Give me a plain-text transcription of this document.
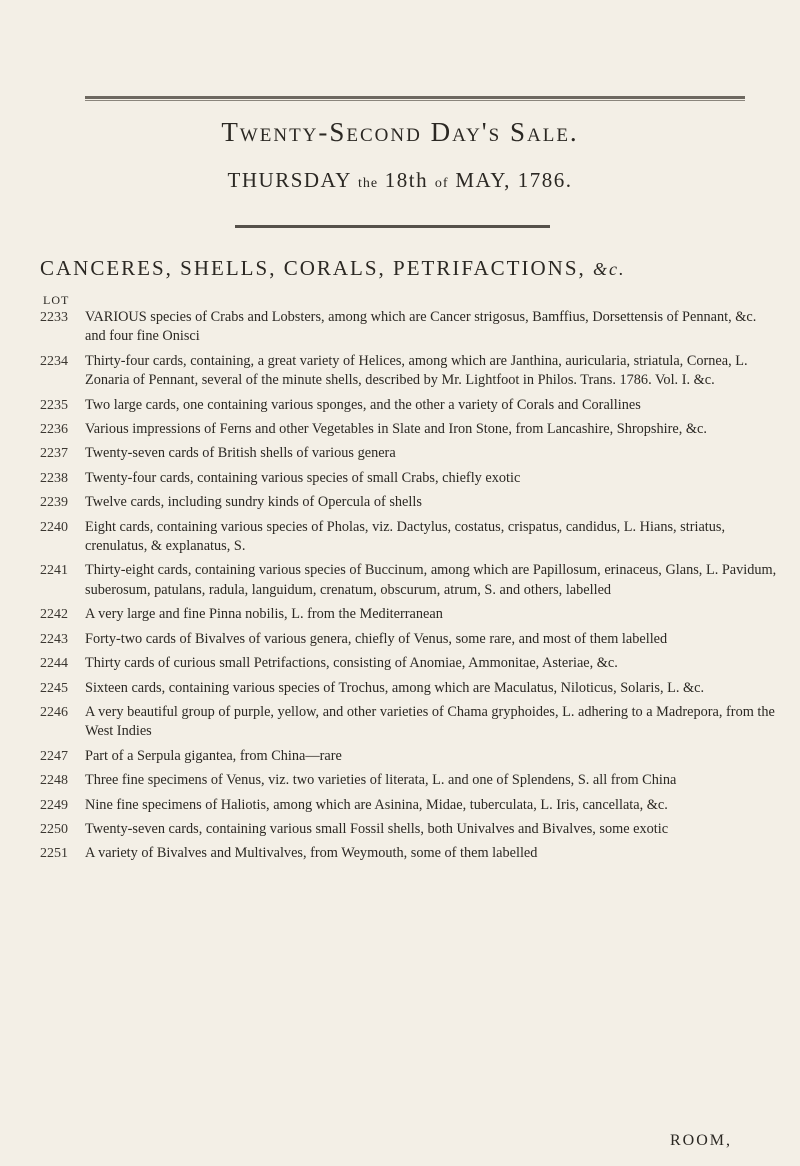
Twenty-Second Day's Sale.
THURSDAY the 18th of MAY, 1786.
CANCERES, SHELLS, CORALS, PETRIFACTIONS, &c.
LOT
2233 VARIOUS species of Crabs and Lobsters, among which are Cancer strigosus, Bamffius, Dorsettensis of Pennant, &c. and four fine Onisci
2234 Thirty-four cards, containing, a great variety of Helices, among which are Janthina, auricularia, striatula, Cornea, L. Zonaria of Pennant, several of the minute shells, described by Mr. Lightfoot in Philos. Trans. 1786. Vol. I. &c.
2235 Two large cards, one containing various sponges, and the other a variety of Corals and Corallines
2236 Various impressions of Ferns and other Vegetables in Slate and Iron Stone, from Lancashire, Shropshire, &c.
2237 Twenty-seven cards of British shells of various genera
2238 Twenty-four cards, containing various species of small Crabs, chiefly exotic
2239 Twelve cards, including sundry kinds of Opercula of shells
2240 Eight cards, containing various species of Pholas, viz. Dactylus, costatus, crispatus, candidus, L. Hians, striatus, crenulatus, & explanatus, S.
2241 Thirty-eight cards, containing various species of Buccinum, among which are Papillosum, erinaceus, Glans, L. Pavidum, suberosum, patulans, radula, languidum, crenatum, obscurum, atrum, S. and others, labelled
2242 A very large and fine Pinna nobilis, L. from the Mediterranean
2243 Forty-two cards of Bivalves of various genera, chiefly of Venus, some rare, and most of them labelled
2244 Thirty cards of curious small Petrifactions, consisting of Anomiae, Ammonitae, Asteriae, &c.
2245 Sixteen cards, containing various species of Trochus, among which are Maculatus, Niloticus, Solaris, L. &c.
2246 A very beautiful group of purple, yellow, and other varieties of Chama gryphoides, L. adhering to a Madrepora, from the West Indies
2247 Part of a Serpula gigantea, from China—rare
2248 Three fine specimens of Venus, viz. two varieties of literata, L. and one of Splendens, S. all from China
2249 Nine fine specimens of Haliotis, among which are Asinina, Midae, tuberculata, L. Iris, cancellata, &c.
2250 Twenty-seven cards, containing various small Fossil shells, both Univalves and Bivalves, some exotic
2251 A variety of Bivalves and Multivalves, from Weymouth, some of them labelled
ROOM,
